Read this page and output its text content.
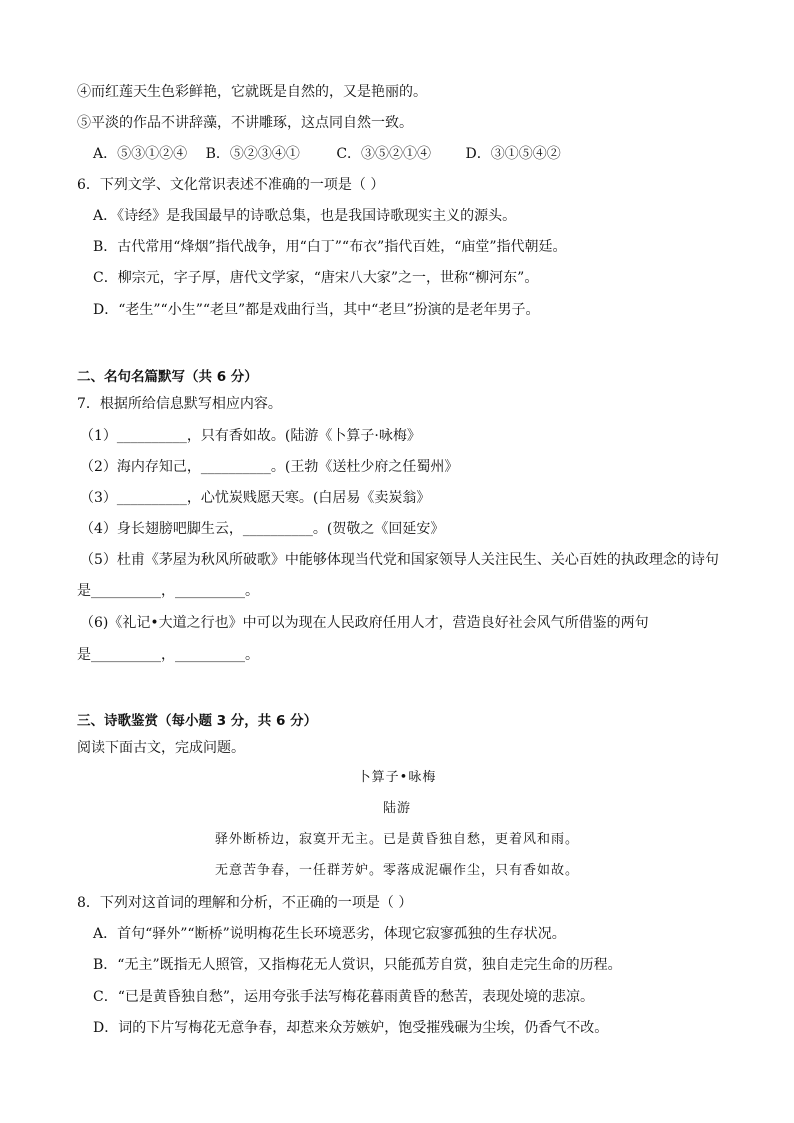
④而红莲天生色彩鲜艳，它就既是自然的，又是艳丽的。
⑤平淡的作品不讲辞藻，不讲雕琢，这点同自然一致。
A．⑤③①②④ B．⑤②③④①	C．③⑤②①④ D．③①⑤④②
6．下列文学、文化常识表述不准确的一项是（ ）
A．《诗经》是我国最早的诗歌总集，也是我国诗歌现实主义的源头。
B．古代常用“烽烟”指代战争，用“白丁”“布衣”指代百姓，“庙堂”指代朝廷。
C．柳宗元，字子厚，唐代文学家，“唐宋八大家”之一，世称“柳河东”。
D．“老生”“小生”“老旦”都是戏曲行当，其中“老旦”扮演的是老年男子。
二、名句名篇默写（共 6 分）
7．根据所给信息默写相应内容。
（1）__________，只有香如故。(陆游《卜算子·咏梅》
（2）海内存知己，__________。(王勃《送杜少府之任蜀州》
（3）__________，心忧炭贱愿天寒。(白居易《卖炭翁》
（4）身长翅膀吧脚生云，__________。(贺敬之《回延安》
（5）杜甫《茅屋为秋风所破歌》中能够体现当代党和国家领导人关注民生、关心百姓的执政理念的诗句
是__________，__________。
（6)《礼记•大道之行也》中可以为现在人民政府任用人才，营造良好社会风气所借鉴的两句
是__________，__________。
三、诗歌鉴赏（每小题 3 分，共 6 分）
阅读下面古文，完成问题。
卜算子•咏梅
陆游
驿外断桥边，寂寞开无主。已是黄昏独自愁，更着风和雨。
无意苦争春，一任群芳妒。零落成泥碾作尘，只有香如故。
8．下列对这首词的理解和分析，不正确的一项是（ ）
A．首句“驿外”“断桥”说明梅花生长环境恶劣，体现它寂寥孤独的生存状况。
B．“无主”既指无人照管，又指梅花无人赏识，只能孤芳自赏，独自走完生命的历程。
C．“已是黄昏独自愁”，运用夸张手法写梅花暮雨黄昏的愁苦，表现处境的悲凉。
D．词的下片写梅花无意争春，却惹来众芳嫉妒，饱受摧残碾为尘埃，仍香气不改。
